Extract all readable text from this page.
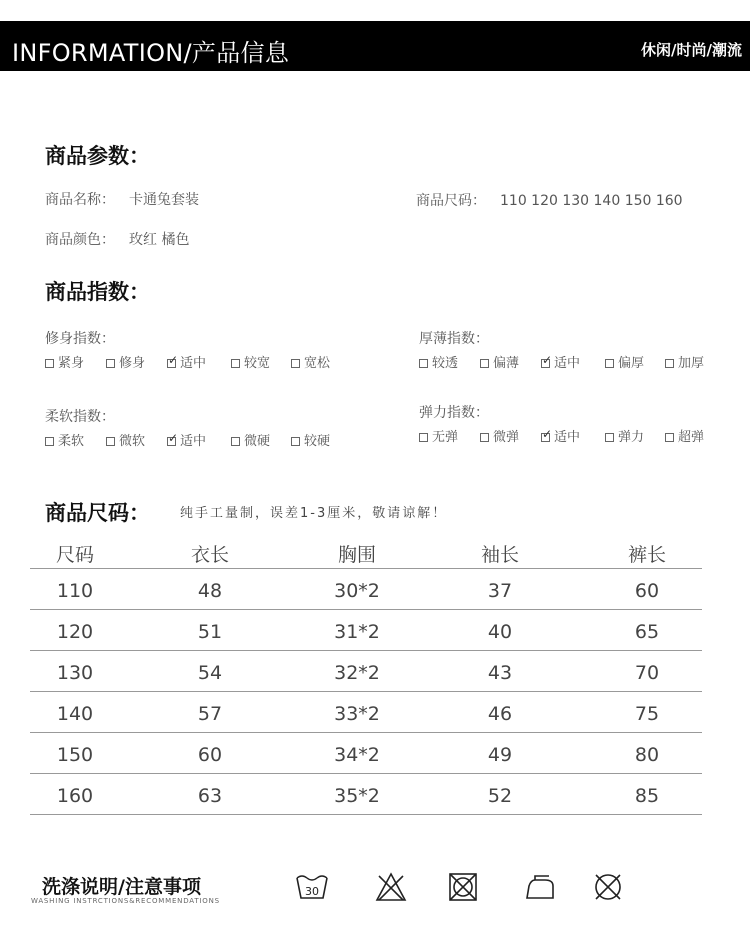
INFORMATION/产品信息	休闲/时尚/潮流
商品参数：
商品名称： 卡通兔套装	商品尺码： 110 120 130 140 150 160
商品颜色： 玫红 橘色
商品指数：
修身指数：
紧身	修身 ✓	适中	较宽	宽松
厚薄指数：
较透	偏薄 ✓	适中	偏厚	加厚
柔软指数：
柔软	微软 ✓	适中	微硬	较硬
弹力指数：
无弹	微弹 ✓	适中	弹力	超弹
商品尺码： 纯手工量制，误差1-3厘米，敬请谅解！
尺码	衣长	胸围	袖长	裤长
110	48	30*2	37	60
120	51	31*2	40	65
130	54	32*2	43	70
140	57	33*2	46	75
150	60	34*2	49	80
160	63	35*2	52	85
洗涤说明/注意事项
WASHING INSTRCTIONS&RECOMMENDATIONS
30
